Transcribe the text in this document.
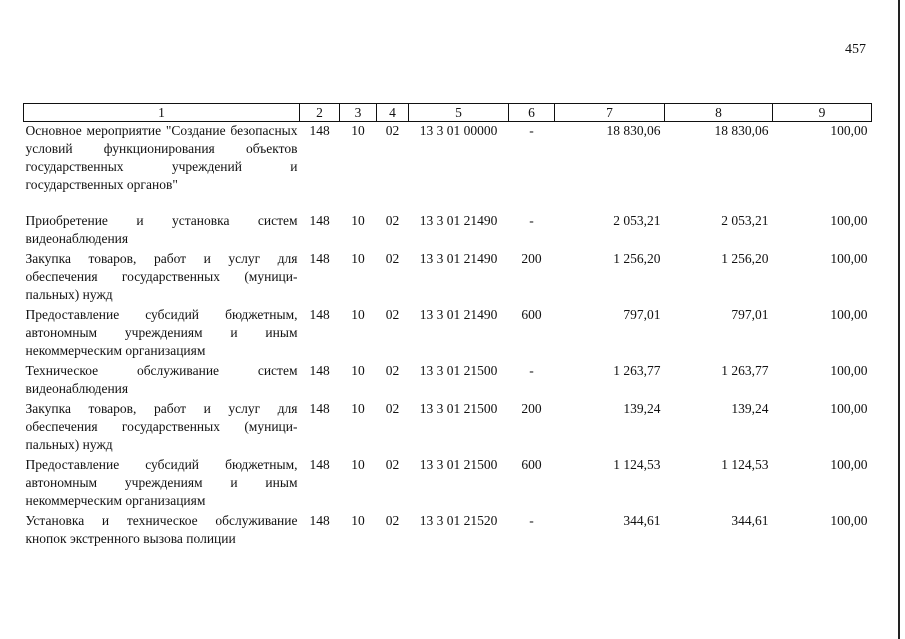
457
1	2	3	4	5	6	7	8	9
Основное мероприятие "Создание безопасных условий функционирования объектов государственных учреждений и государственных органов"	148	10	02	13 3 01 00000	-	18 830,06	18 830,06	100,00

Приобретение и установка систем видеонаблюдения	148	10	02	13 3 01 21490	-	2 053,21	2 053,21	100,00
Закупка товаров, работ и услуг для обеспечения государственных (муници-пальных) нужд	148	10	02	13 3 01 21490	200	1 256,20	1 256,20	100,00
Предоставление субсидий бюджетным, автономным учреждениям и иным некоммерческим организациям	148	10	02	13 3 01 21490	600	797,01	797,01	100,00
Техническое обслуживание систем видеонаблюдения	148	10	02	13 3 01 21500	-	1 263,77	1 263,77	100,00
Закупка товаров, работ и услуг для обеспечения государственных (муници-пальных) нужд	148	10	02	13 3 01 21500	200	139,24	139,24	100,00
Предоставление субсидий бюджетным, автономным учреждениям и иным некоммерческим организациям	148	10	02	13 3 01 21500	600	1 124,53	1 124,53	100,00
Установка и техническое обслуживание кнопок экстренного вызова полиции	148	10	02	13 3 01 21520	-	344,61	344,61	100,00
